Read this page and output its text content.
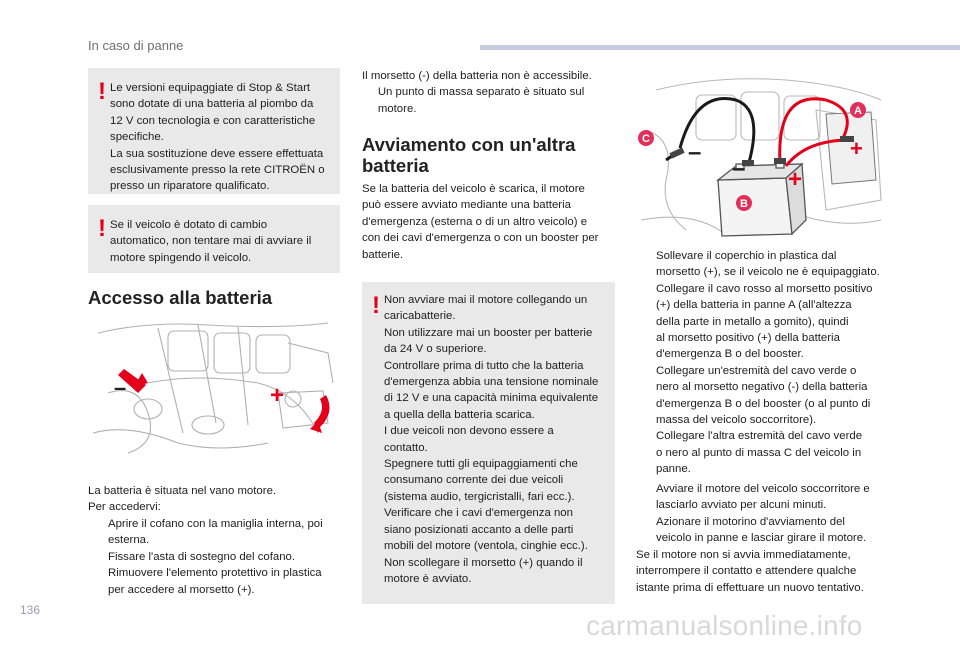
In caso di panne
! Le versioni equipaggiate di Stop & Start
sono dotate di una batteria al piombo da
12 V con tecnologia e con caratteristiche
specifiche.
La sua sostituzione deve essere effettuata
esclusivamente presso la rete CITROËN o
presso un riparatore qualificato.
! Se il veicolo è dotato di cambio
automatico, non tentare mai di avviare il
motore spingendo il veicolo.
Accesso alla batteria
–	+
La batteria è situata nel vano motore.
Per accedervi:
Aprire il cofano con la maniglia interna, poi
esterna.
Fissare l'asta di sostegno del cofano.
Rimuovere l'elemento protettivo in plastica
per accedere al morsetto (+).
Il morsetto (-) della batteria non è accessibile.
Un punto di massa separato è situato sul
motore.
Avviamento con un'altra
batteria
Se la batteria del veicolo è scarica, il motore
può essere avviato mediante una batteria
d'emergenza (esterna o di un altro veicolo) e
con dei cavi d'emergenza o con un booster per
batterie.
! Non avviare mai il motore collegando un
caricabatterie.
Non utilizzare mai un booster per batterie
da 24 V o superiore.
Controllare prima di tutto che la batteria
d'emergenza abbia una tensione nominale
di 12 V e una capacità minima equivalente
a quella della batteria scarica.
I due veicoli non devono essere a
contatto.
Spegnere tutti gli equipaggiamenti che
consumano corrente dei due veicoli
(sistema audio, tergicristalli, fari ecc.).
Verificare che i cavi d'emergenza non
siano posizionati accanto a delle parti
mobili del motore (ventola, cinghie ecc.).
Non scollegare il morsetto (+) quando il
motore è avviato.
C
A
B
–
– +
+
Sollevare il coperchio in plastica dal
morsetto (+), se il veicolo ne è equipaggiato.
Collegare il cavo rosso al morsetto positivo
(+) della batteria in panne A (all'altezza
della parte in metallo a gomito), quindi
al morsetto positivo (+) della batteria
d'emergenza B o del booster.
Collegare un'estremità del cavo verde o
nero al morsetto negativo (-) della batteria
d'emergenza B o del booster (o al punto di
massa del veicolo soccorritore).
Collegare l'altra estremità del cavo verde
o nero al punto di massa C del veicolo in
panne.
Avviare il motore del veicolo soccorritore e
lasciarlo avviato per alcuni minuti.
Azionare il motorino d'avviamento del
veicolo in panne e lasciar girare il motore.
Se il motore non si avvia immediatamente,
interrompere il contatto e attendere qualche
istante prima di effettuare un nuovo tentativo.
136	carmanualsonline.info
